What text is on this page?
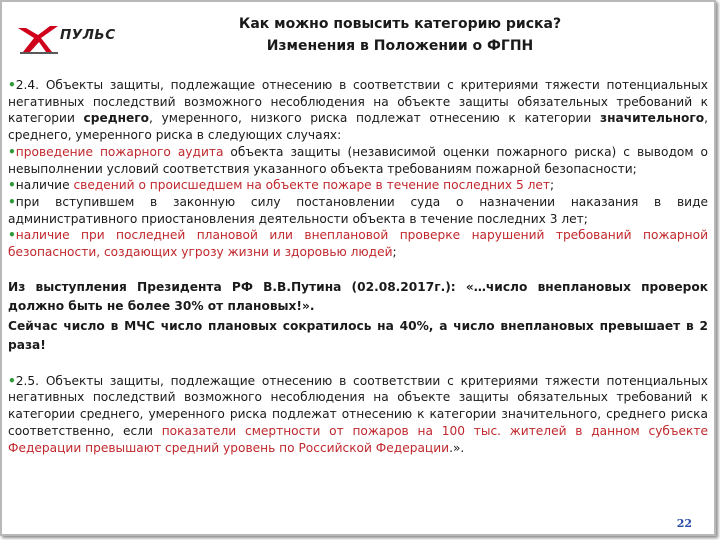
ПУЛЬС
Как можно повысить категорию риска?
Изменения в Положении о ФГПН

•2.4. Объекты защиты, подлежащие отнесению в соответствии с критериями тяжести потенциальных негативных последствий возможного несоблюдения на объекте защиты обязательных требований к категории среднего, умеренного, низкого риска подлежат отнесению к категории значительного, среднего, умеренного риска в следующих случаях:

•проведение пожарного аудита объекта защиты (независимой оценки пожарного риска) с выводом о невыполнении условий соответствия указанного объекта требованиям пожарной безопасности;

•наличие сведений о происшедшем на объекте пожаре в течение последних 5 лет;

•при вступившем в законную силу постановлении суда о назначении наказания в виде административного приостановления деятельности объекта в течение последних 3 лет;

•наличие при последней плановой или внеплановой проверке нарушений требований пожарной безопасности, создающих угрозу жизни и здоровью людей;

Из выступления Президента РФ В.В.Путина (02.08.2017г.): «…число внеплановых проверок должно быть не более 30% от плановых!».

Сейчас число в МЧС число плановых сократилось на 40%, а число внеплановых превышает в 2 раза!

•2.5. Объекты защиты, подлежащие отнесению в соответствии с критериями тяжести потенциальных негативных последствий возможного несоблюдения на объекте защиты обязательных требований к категории среднего, умеренного риска подлежат отнесению к категории значительного, среднего риска соответственно, если показатели смертности от пожаров на 100 тыс. жителей в данном субъекте Федерации превышают средний уровень по Российской Федерации.».

22
